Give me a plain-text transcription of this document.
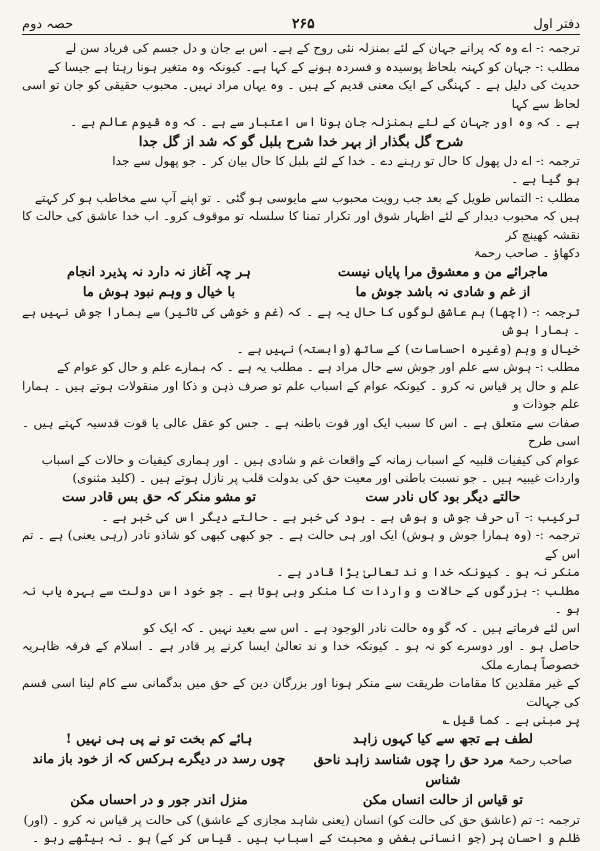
دفتر اول
۲۶۵
حصہ دوم

ترجمہ :- اے وہ کہ پرانے جہان کے لئے بمنزلہ نئی روح کے ہے۔ اس بے جان و دل جسم کی فریاد سن لے

مطلب :- جہان کو کہنہ بلحاظ پوسیدہ و فسردہ ہونے کے کہا ہے۔ کیونکہ وہ متغیر ہونا رہتا ہے جیسا کے

حدیث کی دلیل ہے ۔ کہنگی کے ایک معنی قدیم کے ہیں ۔ وہ یہاں مراد نہیں۔ محبوب حقیقی کو جان تو اسی لحاظ سے کہا

ہے ۔ کہ وہ اور جہان کے لئے بمنزلہ جان ہونا اس اعتبار سے ہے ۔ کہ وہ قیوم عالم ہے ۔

شرح گل بگذار از بہر خدا شرح بلبل گو کہ شد از گل جدا

ترجمہ :- اے دل پھول کا حال تو رہنے دے ۔ خدا کے لئے بلبل کا حال بیان کر ۔ جو پھول سے جدا

ہو گیا ہے ۔

مطلب :- التماس طویل کے بعد جب رویت محبوب سے مایوسی ہو گئی ۔ تو اپنے آپ سے مخاطب ہو کر کہتے

ہیں کہ محبوب دیدار کے لئے اظہار شوق اور تکرار تمنا کا سلسلہ تو موقوف کرو۔ اب خدا عاشق کی حالت کا نقشہ کھینچ کر

دکھاؤ ۔ صاحب رحمۃ

ماجرائے من و معشوق مرا پایاں نیست
ہر چہ آغاز نہ دارد نہ پذیرد انجام
از غم و شادی نہ باشد جوش ما
با خیال و وہم نبود ہوش ما

ترجمہ :- (اچھا) ہم عاشق لوگوں کا حال یہ ہے ۔ کہ (غم و خوشی کی تاثیر) سے ہمارا جوش نہیں ہے ۔ ہمارا ہوش

خیال و وہم (وغیرہ احساسات) کے ساتھ (وابستہ) نہیں ہے ۔

مطلب :- ہوش سے علم اور جوش سے حال مراد ہے ۔ مطلب یہ ہے ۔ کہ ہمارے علم و حال کو عوام کے

علم و حال پر قیاس نہ کرو ۔ کیونکہ عوام کے اسباب علم تو صرف ذہن و ذکا اور منقولات ہوتے ہیں ۔ ہمارا علم جوذات و

صفات سے متعلق ہے ۔ اس کا سبب ایک اور قوت باطنہ ہے ۔ جس کو عقل عالی یا قوت قدسیہ کہتے ہیں ۔ اسی طرح

عوام کی کیفیات قلبیہ کے اسباب زمانہ کے واقعات غم و شادی ہیں ۔ اور ہماری کیفیات و حالات کے اسباب

واردات غیبیہ ہیں ۔ جو نسبت باطنی اور معیت حق کی بدولت قلب پر نازل ہوتے ہیں ۔ (کلید مثنوی)

حالتے دیگر بود کاں نادر ست
تو مشو منکر کہ حق بس قادر ست

ترکیب :- آں حرف جوش و ہوش ہے ۔ بود کی خبر ہے ۔ حالتے دیگر اس کی خبر ہے ۔

ترجمہ :- (وہ ہمارا جوش و ہوش) ایک اور ہی حالت ہے ۔ جو کبھی کبھی کو شاذو نادر (رہی یعنی) ہے ۔ تم اس کے

منکر نہ ہو ۔ کیونکہ خدا و ند تعالیٰ بڑا قادر ہے ۔

مطلب :- بزرگوں کے حالات و واردات کا منکر وہی ہوتا ہے ۔ جو خود اس دولت سے بہرہ یاب نہ ہو ۔

اس لئے فرماتے ہیں ۔ کہ گو وہ حالت نادر الوجود ہے ۔ اس سے بعید نہیں ۔ کہ ایک کو

حاصل ہو ۔ اور دوسرے کو نہ ہو ۔ کیونکہ خدا و ند تعالیٰ ایسا کرنے پر قادر ہے ۔ اسلام کے فرقہ ظاہریہ خصوصاً ہمارے ملک

کے غیر مقلدین کا مقامات طریقت سے منکر ہونا اور بزرگان دین کے حق میں بدگمانی سے کام لینا اسی قسم کی جہالت

پر مبنی ہے ۔ کما قیل ؎

لطف ہے تجھ سے کیا کہوں زاہد
ہائے کم بخت تو نے پی ہی نہیں !
صاحب رحمۃ مرد حق را چوں شناسد زاہد ناحق شناس
چوں رسد در دیگرے ہرکس کہ از خود باز ماند
تو قیاس از حالت انساں مکن
منزل اندر جور و در احساں مکن

ترجمہ :- تم (عاشق حق کی حالت کو) انسان (یعنی شاہد مجازی کے عاشق) کی حالت پر قیاس نہ کرو ۔ (اور)

ظلم و احسان پر (جو انسانی بغض و محبت کے اسباب ہیں ۔ قیاس کر کے) ہو ۔ نہ بیٹھے رہو ۔
